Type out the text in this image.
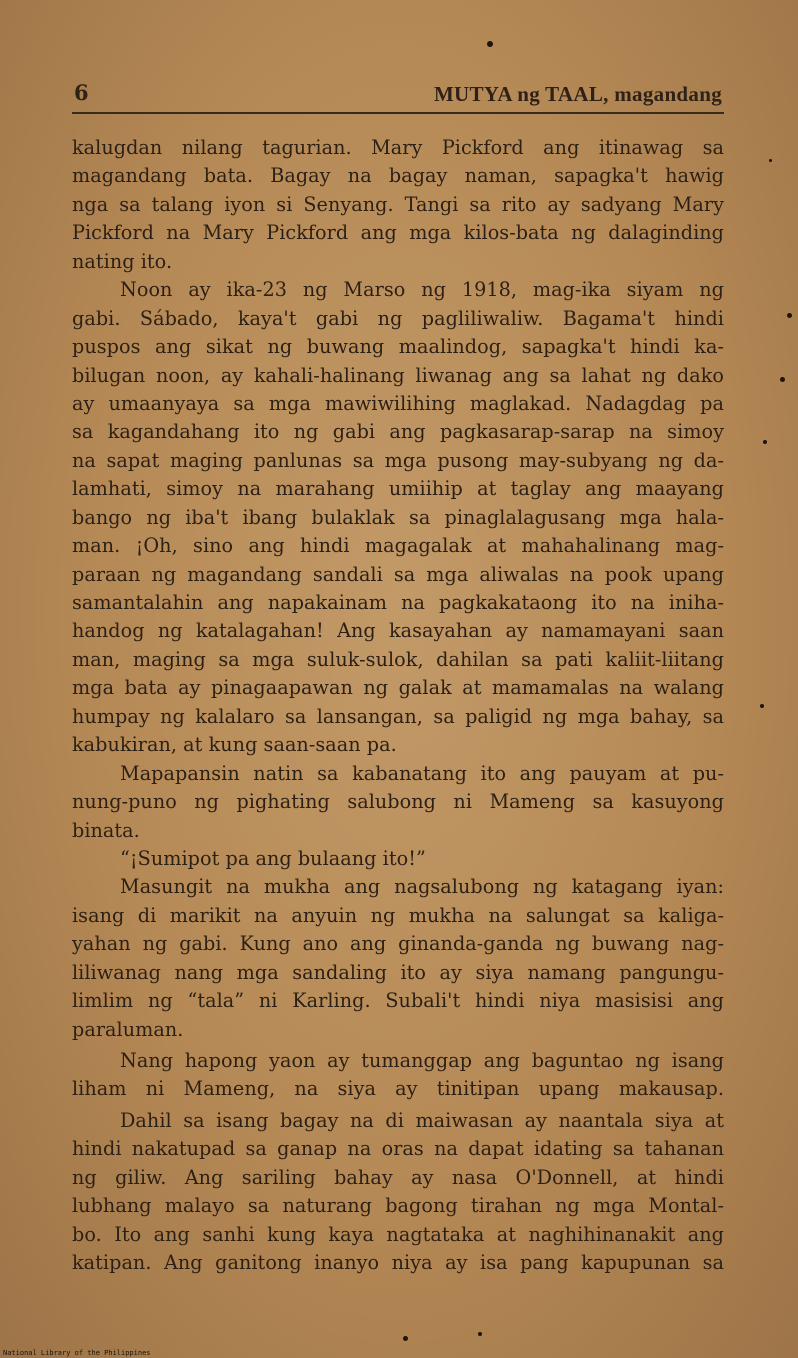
6	MUTYA ng TAAL, magandang
kalugdan nilang tagurian. Mary Pickford ang itinawag sa
magandang bata. Bagay na bagay naman, sapagka't hawig
nga sa talang iyon si Senyang. Tangi sa rito ay sadyang Mary
Pickford na Mary Pickford ang mga kilos-bata ng dalaginding
nating ito.
Noon ay ika-23 ng Marso ng 1918, mag-ika siyam ng
gabi. Sábado, kaya't gabi ng pagliliwaliw. Bagama't hindi
puspos ang sikat ng buwang maalindog, sapagka't hindi ka-
bilugan noon, ay kahali-halinang liwanag ang sa lahat ng dako
ay umaanyaya sa mga mawiwilihing maglakad. Nadagdag pa
sa kagandahang ito ng gabi ang pagkasarap-sarap na simoy
na sapat maging panlunas sa mga pusong may-subyang ng da-
lamhati, simoy na marahang umiihip at taglay ang maayang
bango ng iba't ibang bulaklak sa pinaglalagusang mga hala-
man. ¡Oh, sino ang hindi magagalak at mahahalinang mag-
paraan ng magandang sandali sa mga aliwalas na pook upang
samantalahin ang napakainam na pagkakataong ito na iniha-
handog ng katalagahan! Ang kasayahan ay namamayani saan
man, maging sa mga suluk-sulok, dahilan sa pati kaliit-liitang
mga bata ay pinagaapawan ng galak at mamamalas na walang
humpay ng kalalaro sa lansangan, sa paligid ng mga bahay, sa
kabukiran, at kung saan-saan pa.
Mapapansin natin sa kabanatang ito ang pauyam at pu-
nung-puno ng pighating salubong ni Mameng sa kasuyong
binata.
“¡Sumipot pa ang bulaang ito!”
Masungit na mukha ang nagsalubong ng katagang iyan:
isang di marikit na anyuin ng mukha na salungat sa kaliga-
yahan ng gabi. Kung ano ang ginanda-ganda ng buwang nag-
liliwanag nang mga sandaling ito ay siya namang pangungu-
limlim ng “tala” ni Karling. Subali't hindi niya masisisi ang
paraluman.
Nang hapong yaon ay tumanggap ang baguntao ng isang
liham ni Mameng, na siya ay tinitipan upang makausap.
Dahil sa isang bagay na di maiwasan ay naantala siya at
hindi nakatupad sa ganap na oras na dapat idating sa tahanan
ng giliw. Ang sariling bahay ay nasa O'Donnell, at hindi
lubhang malayo sa naturang bagong tirahan ng mga Montal-
bo. Ito ang sanhi kung kaya nagtataka at naghihinanakit ang
katipan. Ang ganitong inanyo niya ay isa pang kapupunan sa
National Library of the Philippines
